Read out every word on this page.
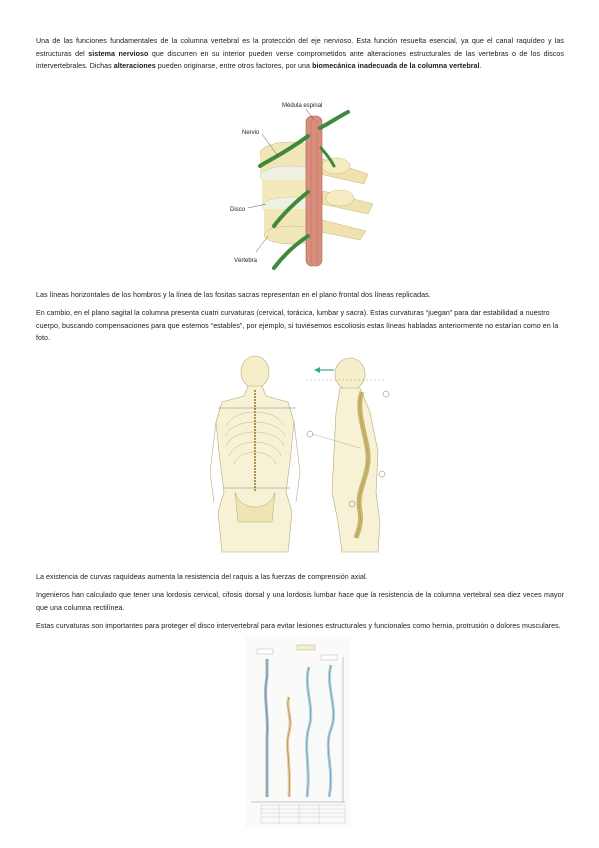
Una de las funciones fundamentales de la columna vertebral es la protección del eje nervioso. Esta función resuelta esencial, ya que el canal raquídeo y las estructuras del sistema nervioso que discurren en su interior pueden verse comprometidos ante alteraciones estructurales de las vertebras o de los discos intervertebrales. Dichas alteraciones pueden originarse, entre otros factores, por una biomecánica inadecuada de la columna vertebral.

Médula espinal
Nervio
Disco
Vértebra

Las líneas horizontales de los hombros y la línea de las fositas sacras representan en el plano frontal dos líneas replicadas.

En cambio, en el plano sagital la columna presenta cuatri curvaturas (cervical, torácica, lumbar y sacra). Estas curvaturas “juegan” para dar estabilidad a nuestro cuerpo, buscando compensaciones para que estemos “estables”, por ejemplo, si tuviésemos escoliosis estas líneas habladas anteriormente no estarían como en la foto.

La existencia de curvas raquídeas aumenta la resistencia del raquis a las fuerzas de comprensión axial.

Ingenieros han calculado que tener una lordosis cervical, cifosis dorsal y una lordosis lumbar hace que la resistencia de la columna vertebral sea diez veces mayor que una columna rectilínea.

Estas curvaturas son importantes para proteger el disco intervertebral para evitar lesiones estructurales y funcionales como hernia, protrusión o dolores musculares.
